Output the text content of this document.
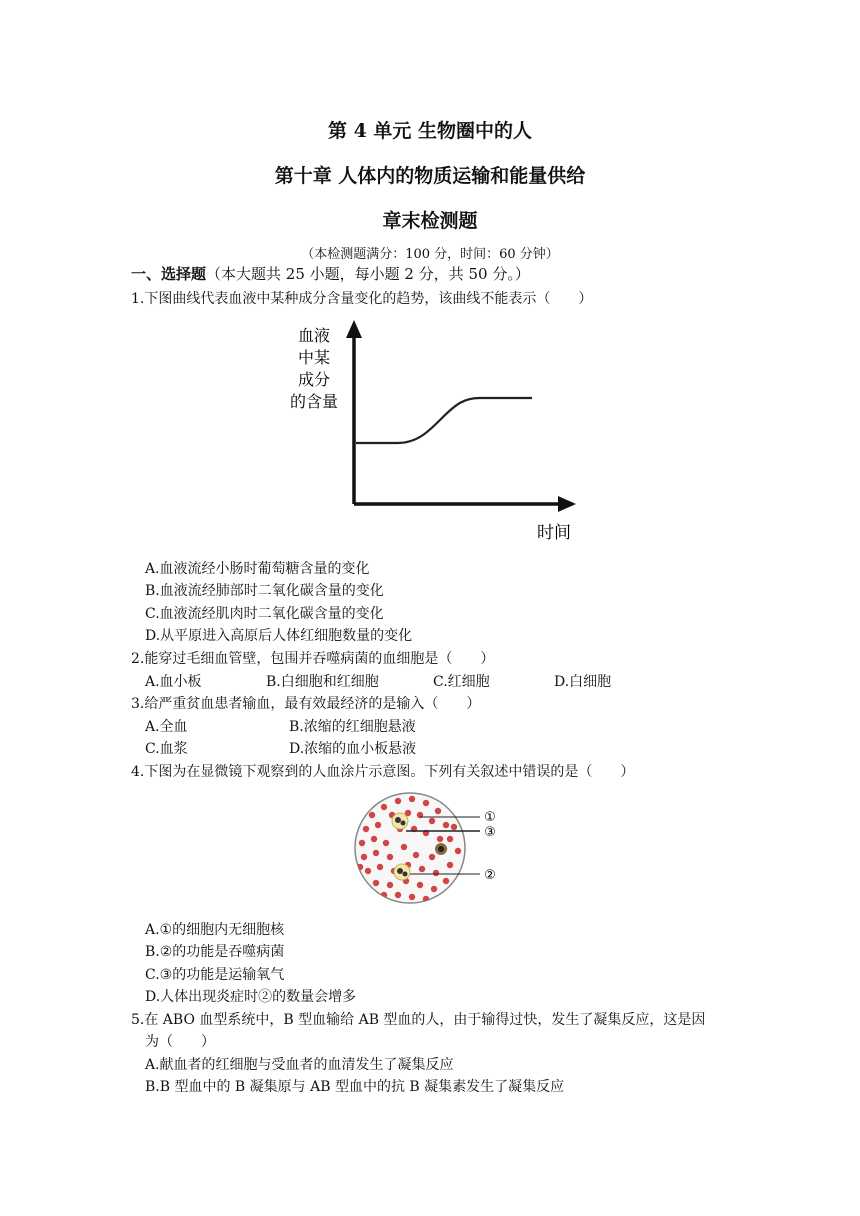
第 4 单元 生物圈中的人
第十章 人体内的物质运输和能量供给
章末检测题
（本检测题满分：100 分，时间：60 分钟）
一、选择题（本大题共 25 小题，每小题 2 分，共 50 分。）
1.下图曲线代表血液中某种成分含量变化的趋势，该曲线不能表示（　　）
血液
中某
成分
的含量
时间
A.血液流经小肠时葡萄糖含量的变化
B.血液流经肺部时二氧化碳含量的变化
C.血液流经肌肉时二氧化碳含量的变化
D.从平原进入高原后人体红细胞数量的变化
2.能穿过毛细血管壁，包围并吞噬病菌的血细胞是（　　）
A.血小板	B.白细胞和红细胞	C.红细胞	D.白细胞
3.给严重贫血患者输血，最有效最经济的是输入（　　）
A.全血	B.浓缩的红细胞悬液
C.血浆	D.浓缩的血小板悬液
4.下图为在显微镜下观察到的人血涂片示意图。下列有关叙述中错误的是（　　）
①
③
②
A.①的细胞内无细胞核
B.②的功能是吞噬病菌
C.③的功能是运输氧气
D.人体出现炎症时②的数量会增多
5.在 ABO 血型系统中，B 型血输给 AB 型血的人，由于输得过快，发生了凝集反应，这是因
为（　　）
A.献血者的红细胞与受血者的血清发生了凝集反应
B.B 型血中的 B 凝集原与 AB 型血中的抗 B 凝集素发生了凝集反应
